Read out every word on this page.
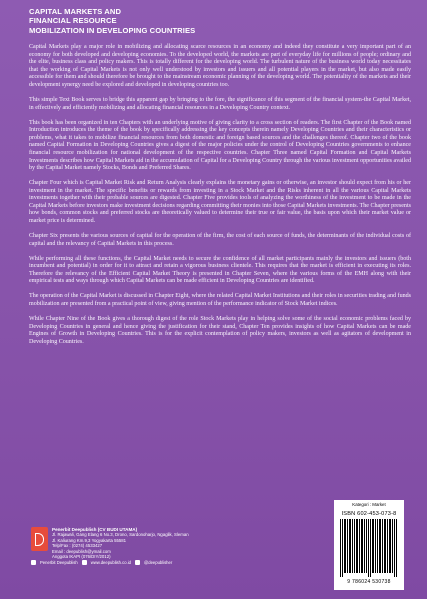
CAPITAL MARKETS AND
FINANCIAL RESOURCE
MOBILIZATION IN DEVELOPING COUNTRIES

Capital Markets play a major role in mobilizing and allocating scarce resources in an economy and indeed they constitute a very important part of an economy for both developed and developing economies. To the developed world, the markets are part of everyday life for millions of people; ordinary and the elite, business class and policy makers. This is totally different for the developing world. The turbulent nature of the business world today necessitates that the working of Capital Markets is not only well understood by investors and issuers and all potential players in the market, but also made easily accessible for them and should therefore be brought to the mainstream economic planning of the developing world. The potentiality of the markets and their development synergy need be explored and developed in developing countries too.

This simple Text Book serves to bridge this apparent gap by bringing to the fore, the significance of this segment of the financial system-the Capital Market, in effectively and efficiently mobilizing and allocating financial resources in a Developing Country context.

This book has been organized in ten Chapters with an underlying motive of giving clarity to a cross section of readers. The first Chapter of the Book named Introduction introduces the theme of the book by specifically addressing the key concepts therein namely Developing Countries and their characteristics or problems, what it takes to mobilize financial resources from both domestic and foreign based sources and the challenges thereof. Chapter two of the book named Capital Formation in Developing Countries gives a digest of the major policies under the control of Developing Countries governments to enhance financial resource mobilization for national development of the respective countries. Chapter Three named Capital Formation and Capital Markets Investments describes how Capital Markets aid in the accumulation of Capital for a Developing Country through the various investment opportunities availed by the Capital Market namely Stocks, Bonds and Preferred Shares.

Chapter Four which is Capital Market Risk and Return Analysis clearly explains the monetary gains or otherwise, an investor should expect from his or her investment in the market. The specific benefits or rewards from investing in a Stock Market and the Risks inherent in all the various Capital Markets investments together with their probable sources are digested. Chapter Five provides tools of analyzing the worthiness of the investment to be made in the Capital Markets before investors make investment decisions regarding committing their monies into those Capital Markets investments. The Chapter presents how bonds, common stocks and preferred stocks are theoretically valued to determine their true or fair value, the basis upon which their market value or market price is determined.

Chapter Six presents the various sources of capital for the operation of the firm, the cost of each source of funds, the determinants of the individual costs of capital and the relevancy of Capital Markets in this process.

While performing all these functions, the Capital Market needs to secure the confidence of all market participants mainly the investors and issuers (both incumbent and potential) in order for it to attract and retain a vigorous business clientele. This requires that the market is efficient in executing its roles. Therefore the relevancy of the Efficient Capital Market Theory is presented in Chapter Seven, where the various forms of the EMH along with their empirical tests and ways through which Capital Markets can be made efficient in Developing Countries are identified.

The operation of the Capital Market is discussed in Chapter Eight, where the related Capital Market Institutions and their roles in securities trading and funds mobilization are presented from a practical point of view, giving mention of the performance indicator of Stock Market indices.

While Chapter Nine of the Book gives a thorough digest of the role Stock Markets play in helping solve some of the social economic problems faced by Developing Countries in general and hence giving the justification for their stand, Chapter Ten provides insights of how Capital Markets can be made Engines of Growth in Developing Countries. This is for the explicit contemplation of policy makers, investors as well as agitators of development in Developing Countries.

Penerbit Deepublish (CV BUDI UTAMA)
Jl. Rajawali, Gang Elang 6 No.3, Drono, Sardonoharjo, Ngaglik, Sleman
Jl. Kaliurang Km.9,3 Yogyakarta 55581
Telp/Fax : (0274) 4533427
Email : deepublish@ymail.com
Anggota IKAPI (076/DIY/2012)
Penerbit Deepublish	www.deepublish.co.id	@deepublisher
Kategori : Market
ISBN 602-453-073-8
9 786024 530738
